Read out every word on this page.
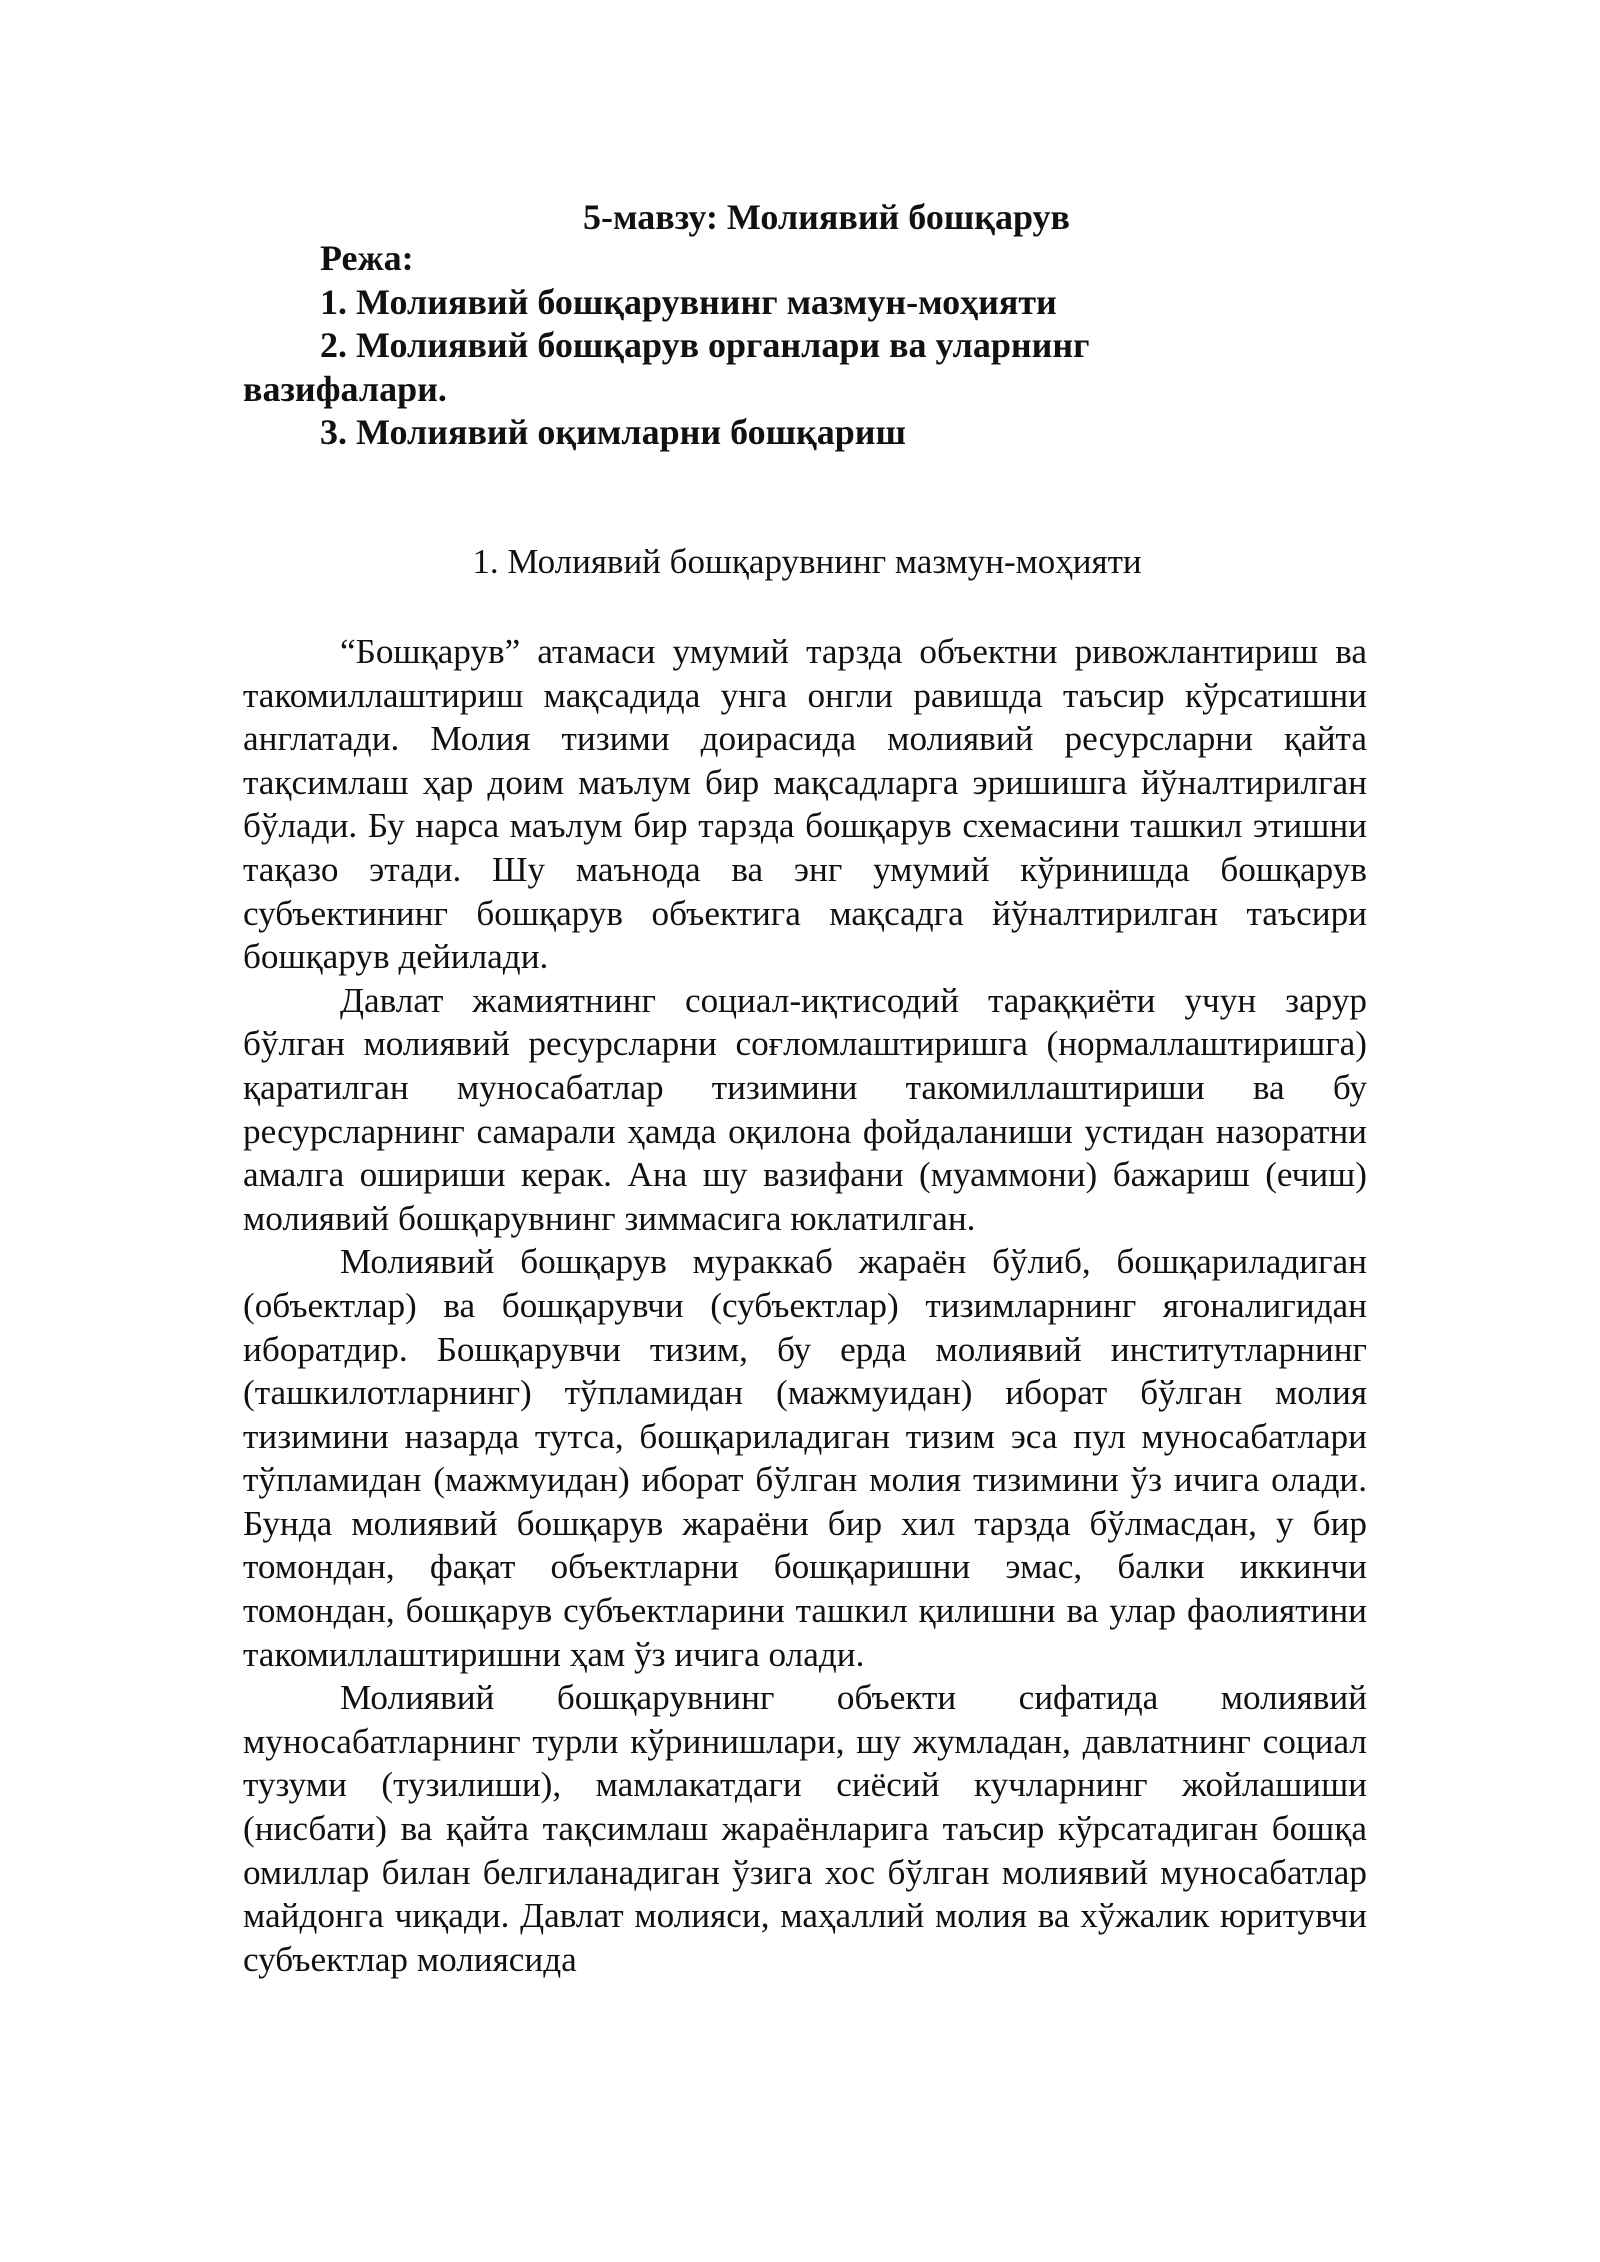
5-мавзу: Молиявий бошқарув

Режа:

1. Молиявий бошқарувнинг мазмун-моҳияти

2. Молиявий бошқарув органлари ва уларнинг

вазифалари.

3. Молиявий оқимларни бошқариш

1. Молиявий бошқарувнинг мазмун-моҳияти

“Бошқарув” атамаси умумий тарзда объектни ривожлантириш ва такомиллаштириш мақсадида унга онгли равишда таъсир кўрсатишни англатади. Молия тизими доирасида молиявий ресурсларни қайта тақсимлаш ҳар доим маълум бир мақсадларга эришишга йўналтирилган бўлади. Бу нарса маълум бир тарзда бошқарув схемасини ташкил этишни тақазо этади. Шу маънода ва энг умумий кўринишда бошқарув субъектининг бошқарув объектига мақсадга йўналтирилган таъсири бошқарув дейилади.

Давлат жамиятнинг социал-иқтисодий тараққиёти учун зарур бўлган молиявий ресурсларни соғломлаштиришга (нормаллаштиришга) қаратилган муносабатлар тизимини такомиллаштириши ва бу ресурсларнинг самарали ҳамда оқилона фойдаланиши устидан назоратни амалга ошириши керак. Ана шу вазифани (муаммони) бажариш (ечиш) молиявий бошқарувнинг зиммасига юклатилган.

Молиявий бошқарув мураккаб жараён бўлиб, бошқариладиган (объектлар) ва бошқарувчи (субъектлар) тизимларнинг ягоналигидан иборатдир. Бошқарувчи тизим, бу ерда молиявий институтларнинг (ташкилотларнинг) тўпламидан (мажмуидан) иборат бўлган молия тизимини назарда тутса, бошқариладиган тизим эса пул муносабатлари тўпламидан (мажмуидан) иборат бўлган молия тизимини ўз ичига олади. Бунда молиявий бошқарув жараёни бир хил тарзда бўлмасдан, у бир томондан, фақат объектларни бошқаришни эмас, балки иккинчи томондан, бошқарув субъектларини ташкил қилишни ва улар фаолиятини такомиллаштиришни ҳам ўз ичига олади.

Молиявий бошқарувнинг объекти сифатида молиявий муносабатларнинг турли кўринишлари, шу жумладан, давлатнинг социал тузуми (тузилиши), мамлакатдаги сиёсий кучларнинг жойлашиши (нисбати) ва қайта тақсимлаш жараёнларига таъсир кўрсатадиган бошқа омиллар билан белгиланадиган ўзига хос бўлган молиявий муносабатлар майдонга чиқади. Давлат молияси, маҳаллий молия ва хўжалик юритувчи субъектлар молиясида
